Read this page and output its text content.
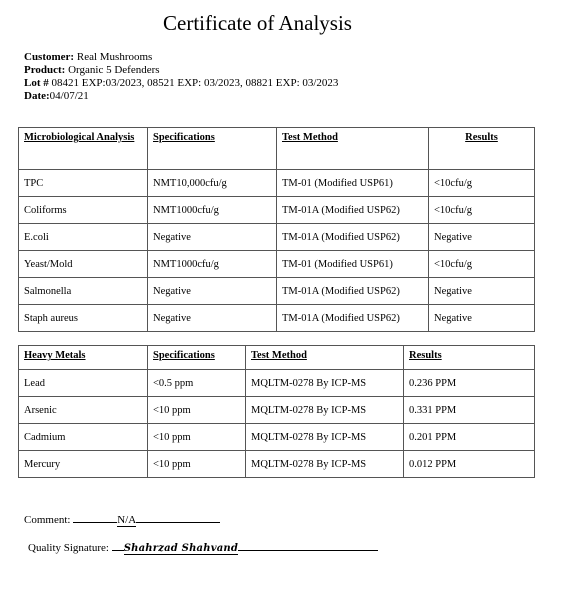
Certificate of Analysis
Customer: Real Mushrooms
Product: Organic 5 Defenders
Lot # 08421 EXP:03/2023, 08521 EXP: 03/2023, 08821 EXP: 03/2023
Date:04/07/21
Microbiological Analysis	Specifications	Test Method	Results
TPC	NMT10,000cfu/g	TM-01 (Modified USP61)	<10cfu/g
Coliforms	NMT1000cfu/g	TM-01A (Modified USP62)	<10cfu/g
E.coli	Negative	TM-01A (Modified USP62)	Negative
Yeast/Mold	NMT1000cfu/g	TM-01 (Modified USP61)	<10cfu/g
Salmonella	Negative	TM-01A (Modified USP62)	Negative
Staph aureus	Negative	TM-01A (Modified USP62)	Negative
Heavy Metals	Specifications	Test Method	Results
Lead	<0.5 ppm	MQLTM-0278 By ICP-MS	0.236 PPM
Arsenic	<10 ppm	MQLTM-0278 By ICP-MS	0.331 PPM
Cadmium	<10 ppm	MQLTM-0278 By ICP-MS	0.201 PPM
Mercury	<10 ppm	MQLTM-0278 By ICP-MS	0.012 PPM
Comment:	N/A
Quality Signature: Shahrzad Shahvand
